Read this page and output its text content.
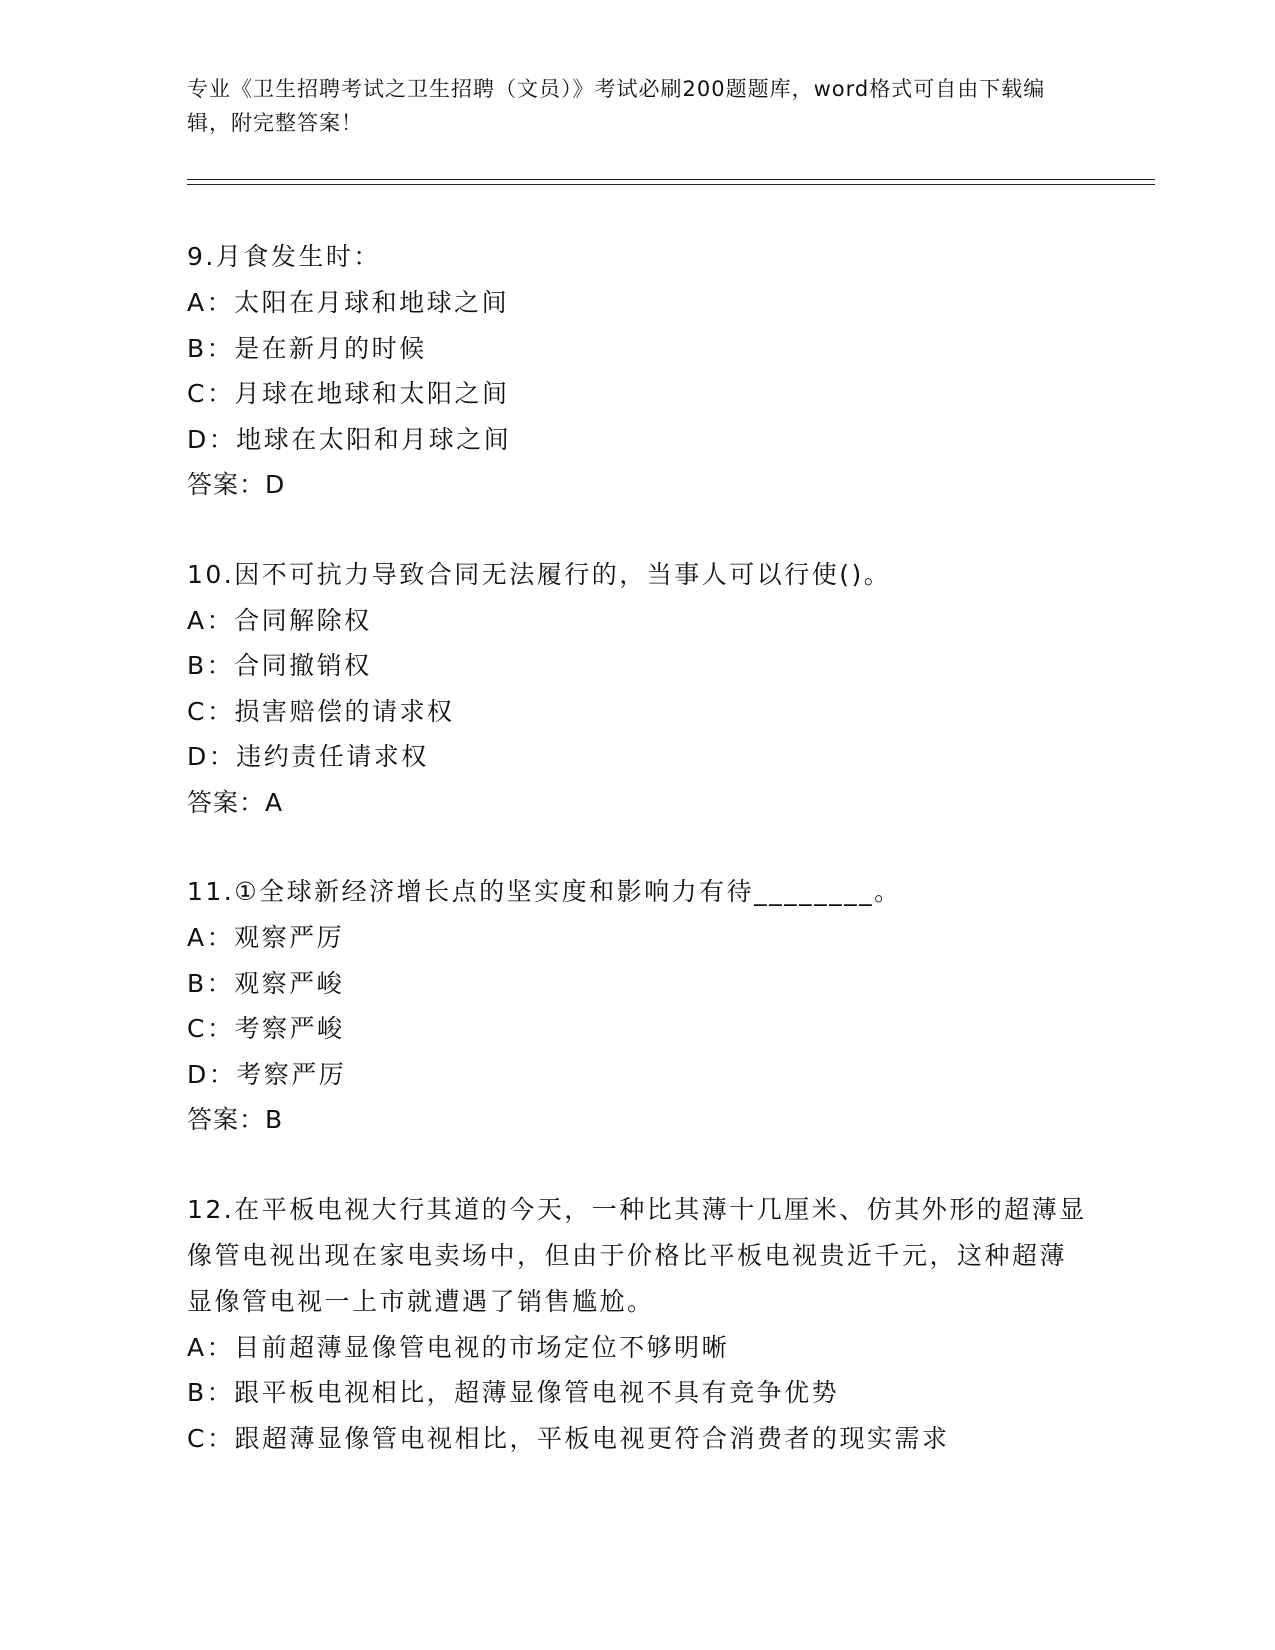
专业《卫生招聘考试之卫生招聘（文员）》考试必刷200题题库，word格式可自由下载编辑，附完整答案！

9.月食发生时：

A：太阳在月球和地球之间

B：是在新月的时候

C：月球在地球和太阳之间

D：地球在太阳和月球之间

答案：D

10.因不可抗力导致合同无法履行的，当事人可以行使()。

A：合同解除权

B：合同撤销权

C：损害赔偿的请求权

D：违约责任请求权

答案：A

11.①全球新经济增长点的坚实度和影响力有待________。

A：观察严厉

B：观察严峻

C：考察严峻

D：考察严厉

答案：B

12.在平板电视大行其道的今天，一种比其薄十几厘米、仿其外形的超薄显像管电视出现在家电卖场中，但由于价格比平板电视贵近千元，这种超薄显像管电视一上市就遭遇了销售尴尬。

A：目前超薄显像管电视的市场定位不够明晰

B：跟平板电视相比，超薄显像管电视不具有竞争优势

C：跟超薄显像管电视相比，平板电视更符合消费者的现实需求
